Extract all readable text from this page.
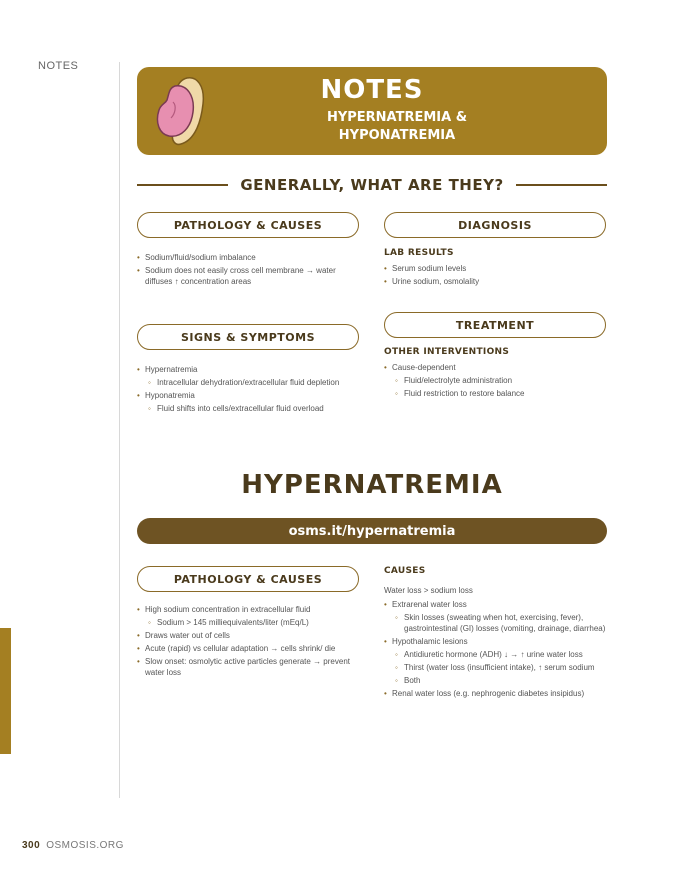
NOTES
NOTES
HYPERNATREMIA &
HYPONATREMIA
GENERALLY, WHAT ARE THEY?
PATHOLOGY & CAUSES
• Sodium/fluid/sodium imbalance
• Sodium does not easily cross cell membrane → water diffuses ↑ concentration areas
DIAGNOSIS
LAB RESULTS
• Serum sodium levels
• Urine sodium, osmolality
SIGNS & SYMPTOMS
• Hypernatremia
◦ Intracellular dehydration/extracellular fluid depletion
• Hyponatremia
◦ Fluid shifts into cells/extracellular fluid overload
TREATMENT
OTHER INTERVENTIONS
• Cause-dependent
◦ Fluid/electrolyte administration
◦ Fluid restriction to restore balance
HYPERNATREMIA
osms.it/hypernatremia
PATHOLOGY & CAUSES
• High sodium concentration in extracellular fluid
◦ Sodium > 145 milliequivalents/liter (mEq/L)
• Draws water out of cells
• Acute (rapid) vs cellular adaptation → cells shrink/ die
• Slow onset: osmolytic active particles generate → prevent water loss
CAUSES
Water loss > sodium loss
• Extrarenal water loss
◦ Skin losses (sweating when hot, exercising, fever), gastrointestinal (GI) losses (vomiting, drainage, diarrhea)
• Hypothalamic lesions
◦ Antidiuretic hormone (ADH) ↓ → ↑ urine water loss
◦ Thirst (water loss (insufficient intake), ↑ serum sodium
◦ Both
• Renal water loss (e.g. nephrogenic diabetes insipidus)
300 OSMOSIS.ORG
